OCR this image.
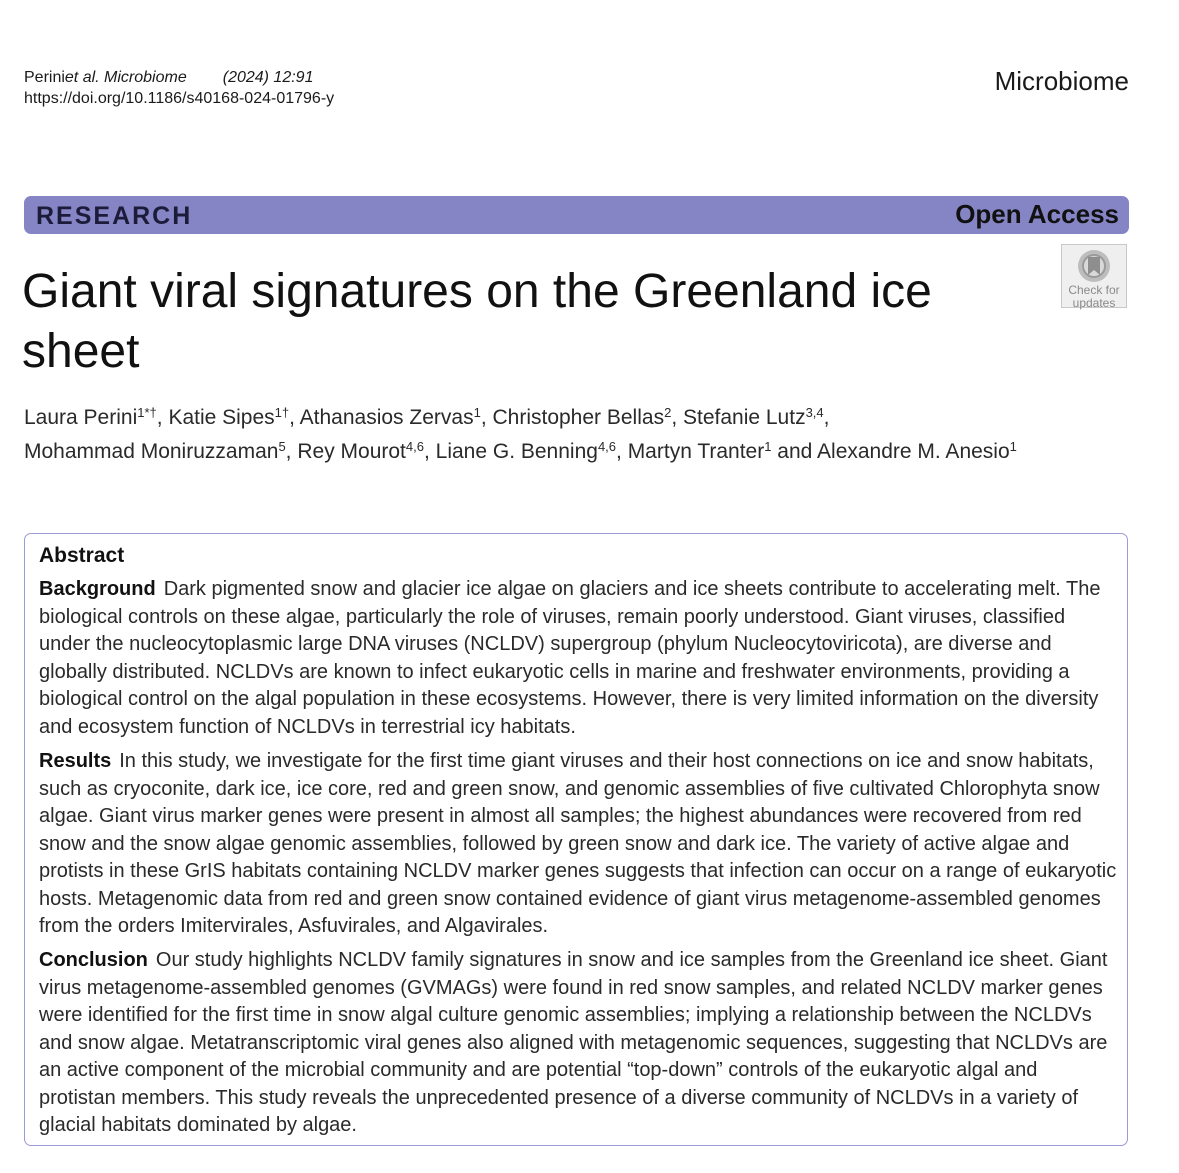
Periniet al. Microbiome (2024) 12:91
https://doi.org/10.1186/s40168-024-01796-y
Microbiome
RESEARCH	Open Access
Giant viral signatures on the Greenland ice sheet
Check for
updates

Laura Perini$^{1*\dagger}$, Katie Sipes$^{1\dagger}$, Athanasios Zervas$^1$, Christopher Bellas$^2$, Stefanie Lutz$^{3,4}$,
Mohammad Moniruzzaman$^5$, Rey Mourot$^{4,6}$, Liane G. Benning$^{4,6}$, Martyn Tranter$^1$ and Alexandre M. Anesio$^1$

Abstract

Background Dark pigmented snow and glacier ice algae on glaciers and ice sheets contribute to accelerating melt. The biological controls on these algae, particularly the role of viruses, remain poorly understood. Giant viruses, classified under the nucleocytoplasmic large DNA viruses (NCLDV) supergroup (phylum Nucleocytoviricota), are diverse and globally distributed. NCLDVs are known to infect eukaryotic cells in marine and freshwater environments, providing a biological control on the algal population in these ecosystems. However, there is very limited information on the diversity and ecosystem function of NCLDVs in terrestrial icy habitats.

Results In this study, we investigate for the first time giant viruses and their host connections on ice and snow habitats, such as cryoconite, dark ice, ice core, red and green snow, and genomic assemblies of five cultivated Chlorophyta snow algae. Giant virus marker genes were present in almost all samples; the highest abundances were recovered from red snow and the snow algae genomic assemblies, followed by green snow and dark ice. The variety of active algae and protists in these GrIS habitats containing NCLDV marker genes suggests that infection can occur on a range of eukaryotic hosts. Metagenomic data from red and green snow contained evidence of giant virus metagenome-assembled genomes from the orders Imitervirales, Asfuvirales, and Algavirales.

Conclusion Our study highlights NCLDV family signatures in snow and ice samples from the Greenland ice sheet. Giant virus metagenome-assembled genomes (GVMAGs) were found in red snow samples, and related NCLDV marker genes were identified for the first time in snow algal culture genomic assemblies; implying a relationship between the NCLDVs and snow algae. Metatranscriptomic viral genes also aligned with metagenomic sequences, suggesting that NCLDVs are an active component of the microbial community and are potential “top-down” controls of the eukaryotic algal and protistan members. This study reveals the unprecedented presence of a diverse community of NCLDVs in a variety of glacial habitats dominated by algae.
